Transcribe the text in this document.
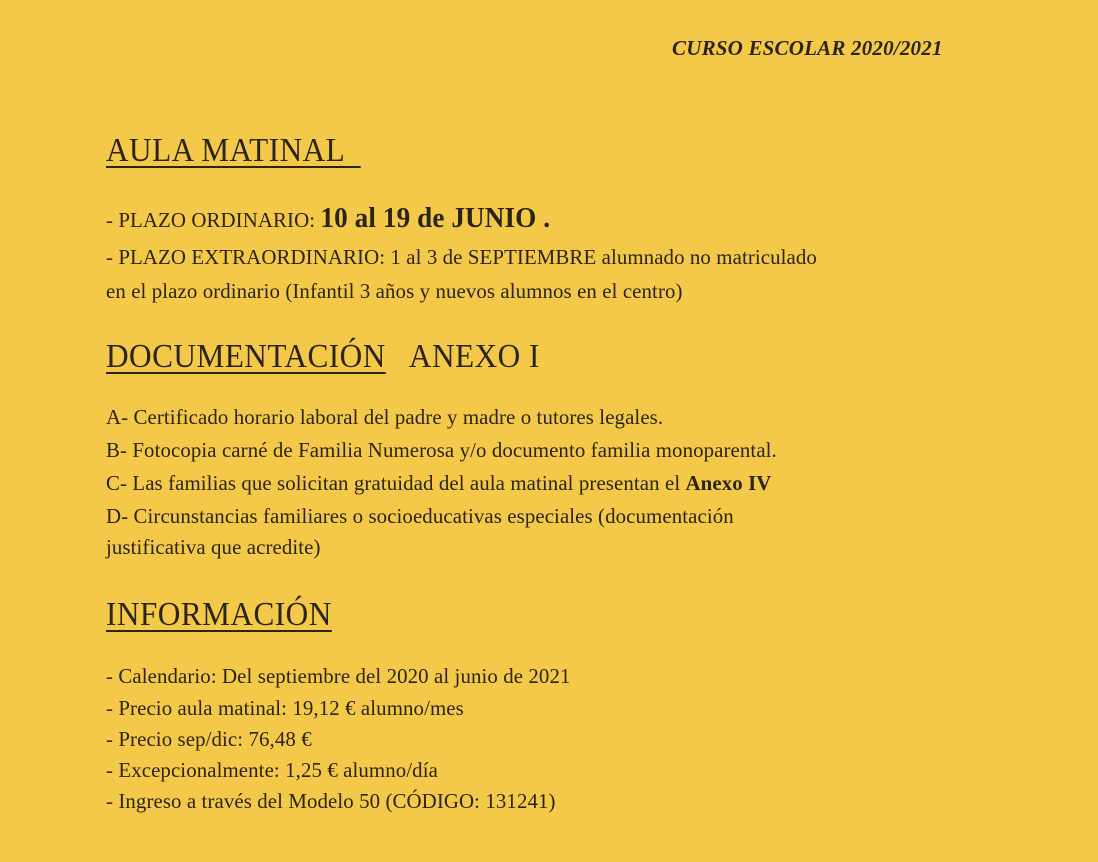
CURSO ESCOLAR 2020/2021
AULA MATINAL
- PLAZO ORDINARIO: 10 al 19 de JUNIO .
- PLAZO EXTRAORDINARIO: 1 al 3 de SEPTIEMBRE alumnado no matriculado
en el plazo ordinario (Infantil 3 años y nuevos alumnos en el centro)
DOCUMENTACIÓN ANEXO I
A- Certificado horario laboral del padre y madre o tutores legales.
B- Fotocopia carné de Familia Numerosa y/o documento familia monoparental.
C- Las familias que solicitan gratuidad del aula matinal presentan el Anexo IV
D- Circunstancias familiares o socioeducativas especiales (documentación
justificativa que acredite)
INFORMACIÓN
- Calendario: Del septiembre del 2020 al junio de 2021
- Precio aula matinal: 19,12 € alumno/mes
- Precio sep/dic: 76,48 €
- Excepcionalmente: 1,25 € alumno/día
- Ingreso a través del Modelo 50 (CÓDIGO: 131241)
